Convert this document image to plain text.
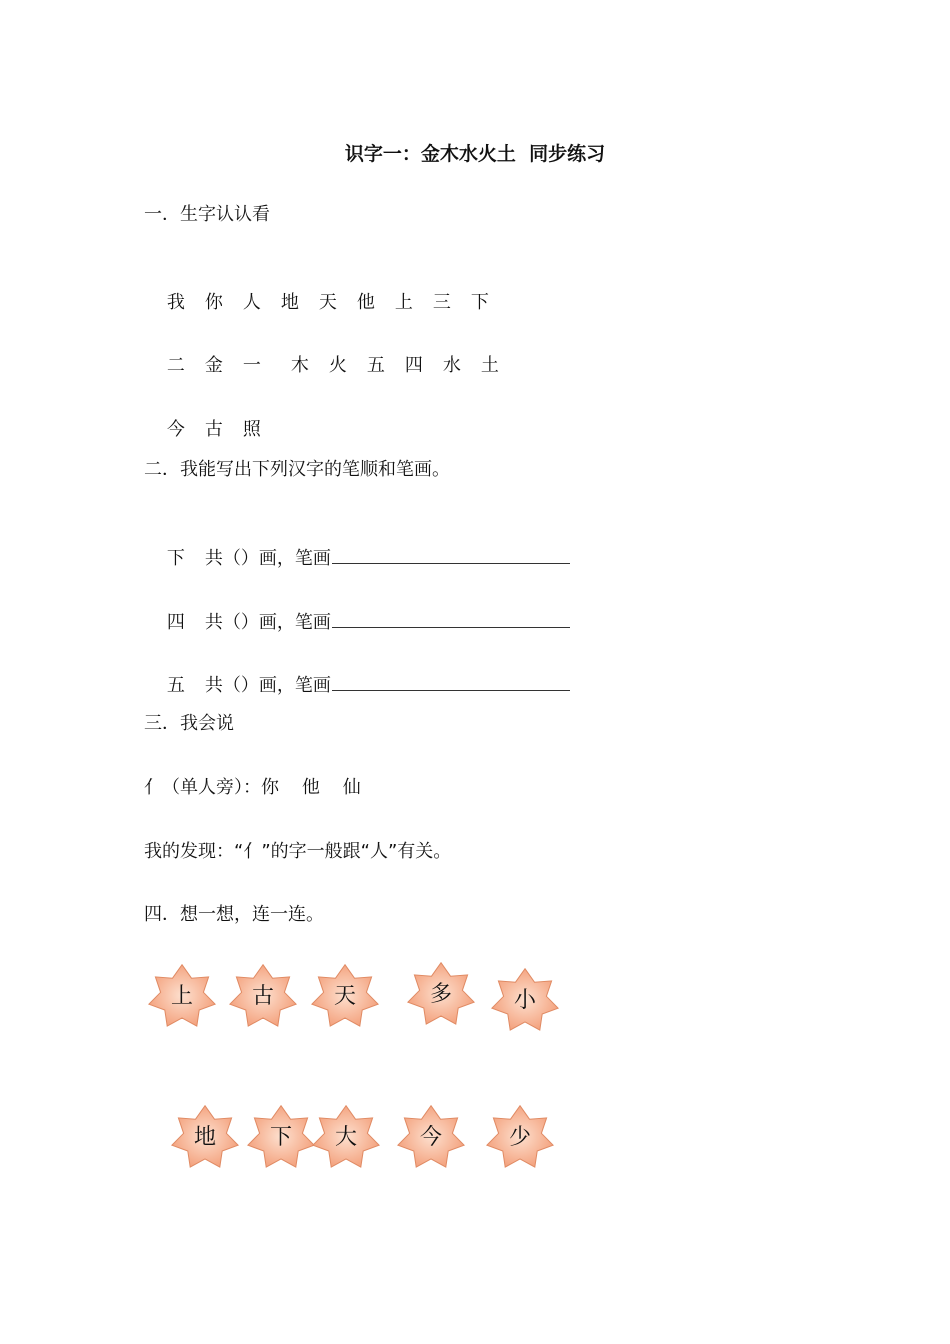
识字一：金木水火土  同步练习
一．生字认认看

我 你 人 地 天 他 上 三 下

二 金 一 木 火 五 四 水 土

今 古 照

二．我能写出下列汉字的笔顺和笔画。

下 共（）画，笔画

四 共（）画，笔画

五 共（）画，笔画

三．我会说
亻（单人旁）：你    他    仙
我的发现：“亻”的字一般跟“人”有关。
四．想一想，连一连。
上	古	天	多	小
地	下	大	今	少
